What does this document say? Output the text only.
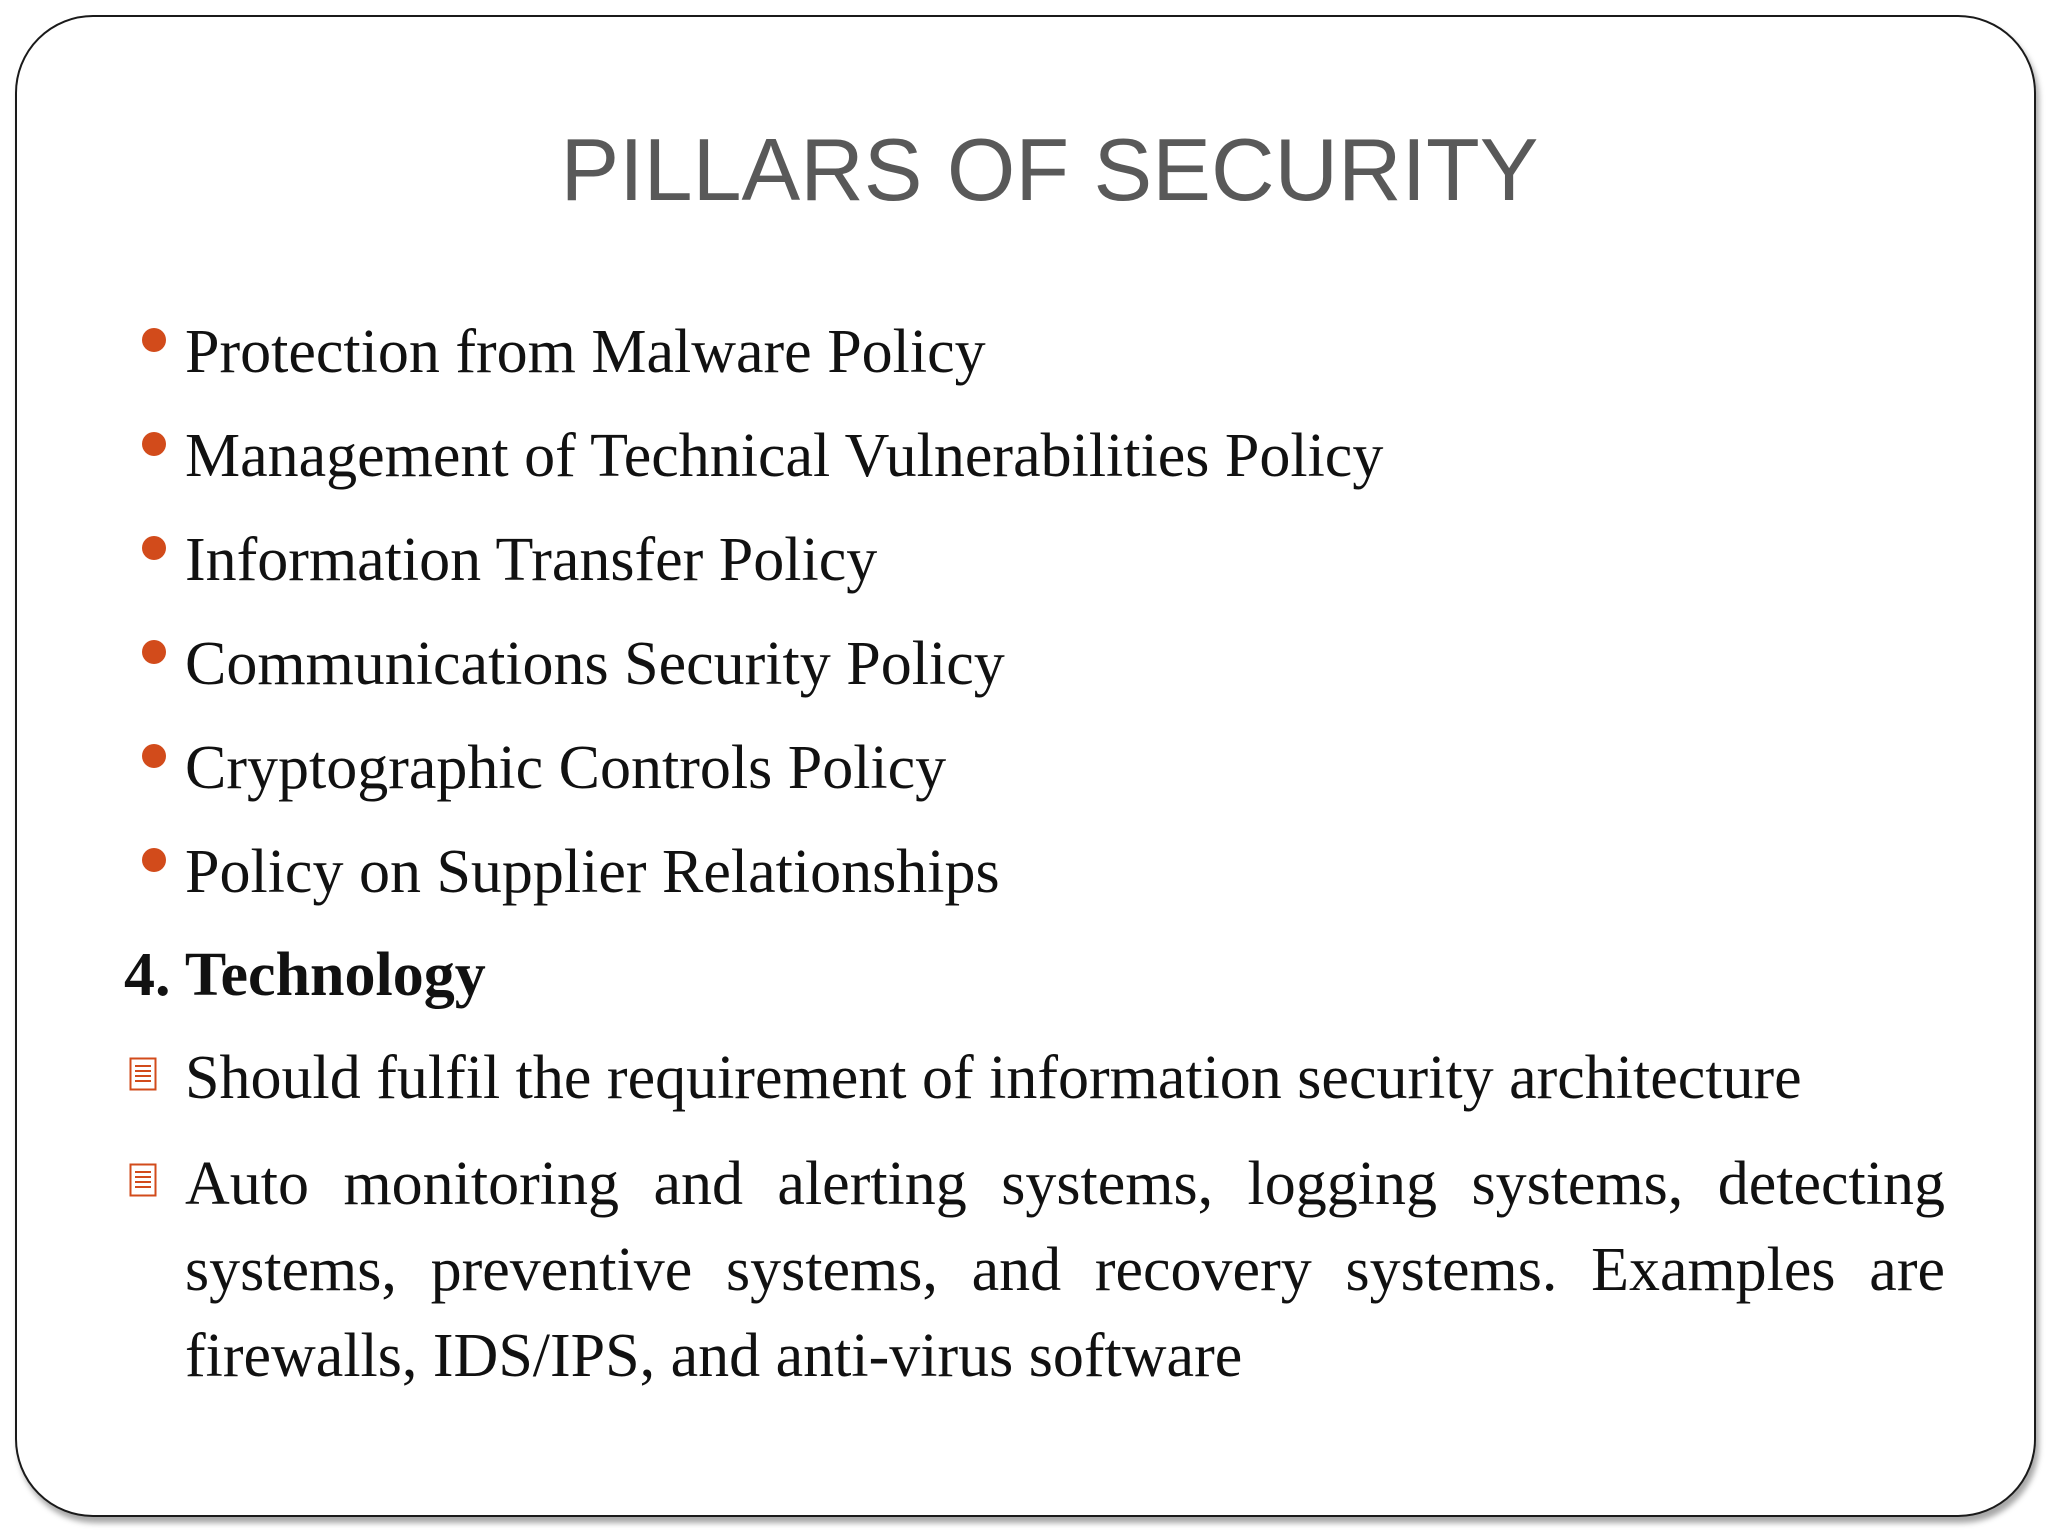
PILLARS OF SECURITY
Protection from Malware Policy
Management of Technical Vulnerabilities Policy
Information Transfer Policy
Communications Security Policy
Cryptographic Controls Policy
Policy on Supplier Relationships
4. Technology
Should fulfil the requirement of information security architecture
Auto monitoring and alerting systems, logging systems, detecting systems, preventive systems, and recovery systems. Examples are firewalls, IDS/IPS, and anti-virus software
